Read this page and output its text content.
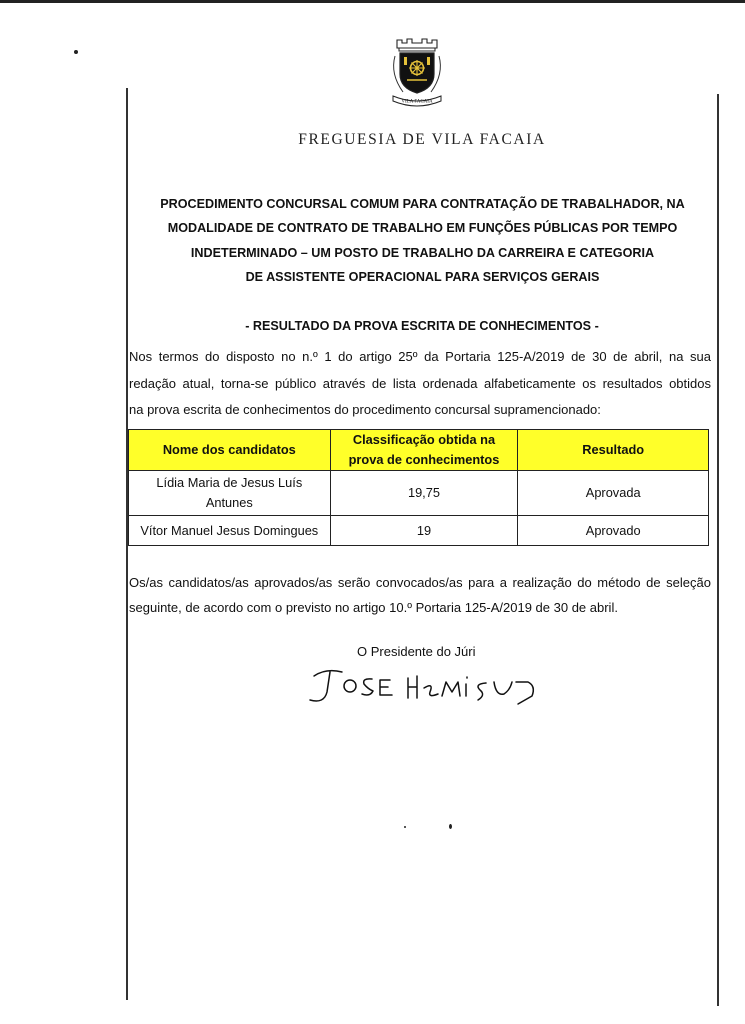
VILA FACAIA
FREGUESIA DE VILA FACAIA
PROCEDIMENTO CONCURSAL COMUM PARA CONTRATAÇÃO DE TRABALHADOR, NA
MODALIDADE DE CONTRATO DE TRABALHO EM FUNÇÕES PÚBLICAS POR TEMPO
INDETERMINADO – UM POSTO DE TRABALHO DA CARREIRA E CATEGORIA
DE ASSISTENTE OPERACIONAL PARA SERVIÇOS GERAIS
- RESULTADO DA PROVA ESCRITA DE CONHECIMENTOS -
Nos termos do disposto no n.º 1 do artigo 25º da Portaria 125-A/2019 de 30 de abril, na sua
redação atual, torna-se público através de lista ordenada alfabeticamente os resultados obtidos
na prova escrita de conhecimentos do procedimento concursal supramencionado:
Nome dos candidatos	Classificação obtida na prova de conhecimentos	Resultado
Lídia Maria de Jesus Luís Antunes	19,75	Aprovada
Vítor Manuel Jesus Domingues	19	Aprovado
Os/as candidatos/as aprovados/as serão convocados/as para a realização do método de seleção
seguinte, de acordo com o previsto no artigo 10.º Portaria 125-A/2019 de 30 de abril.
O Presidente do Júri
